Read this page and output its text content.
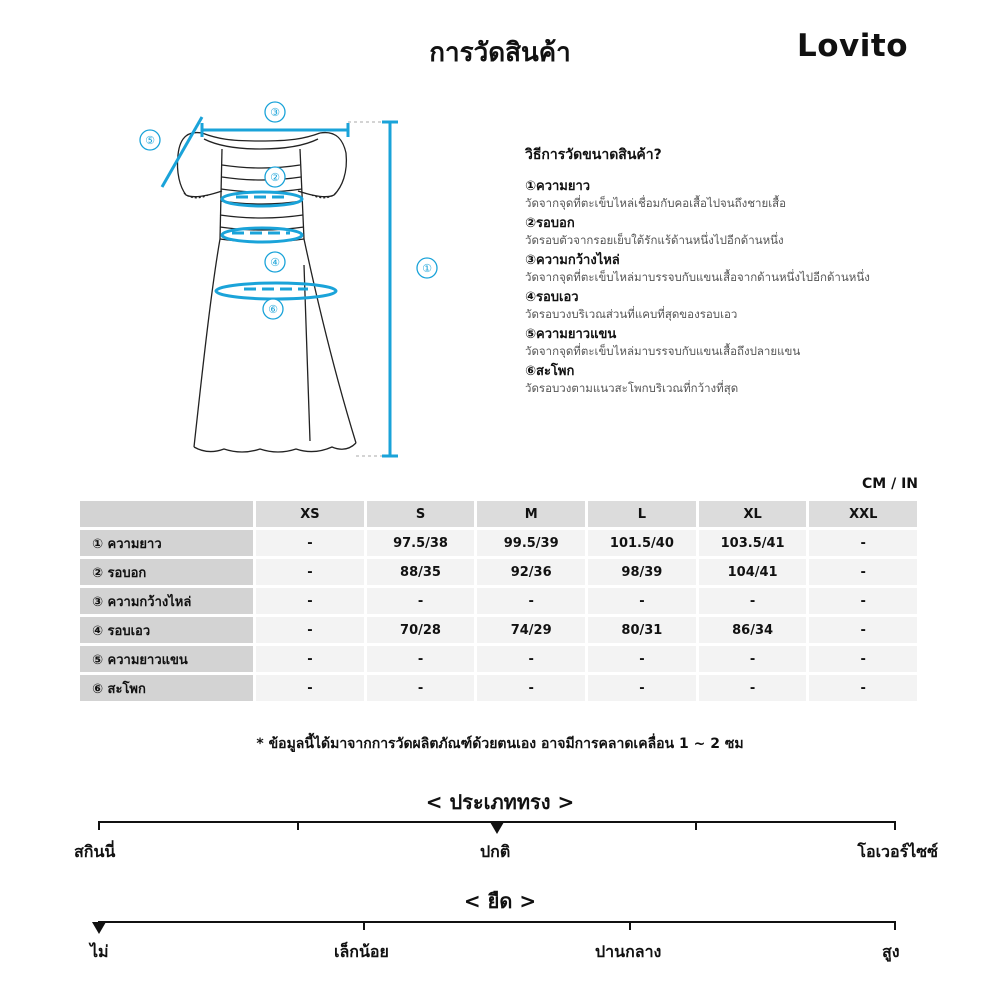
การวัดสินค้า	Lovito
③
⑤
②
④
⑥
①
วิธีการวัดขนาดสินค้า?
①ความยาว
วัดจากจุดที่ตะเข็บไหล่เชื่อมกับคอเสื้อไปจนถึงชายเสื้อ
②รอบอก
วัดรอบตัวจากรอยเย็บใต้รักแร้ด้านหนึ่งไปอีกด้านหนึ่ง
③ความกว้างไหล่
วัดจากจุดที่ตะเข็บไหล่มาบรรจบกับแขนเสื้อจากด้านหนึ่งไปอีกด้านหนึ่ง
④รอบเอว
วัดรอบวงบริเวณส่วนที่แคบที่สุดของรอบเอว
⑤ความยาวแขน
วัดจากจุดที่ตะเข็บไหล่มาบรรจบกับแขนเสื้อถึงปลายแขน
⑥สะโพก
วัดรอบวงตามแนวสะโพกบริเวณที่กว้างที่สุด
CM / IN
	XS	S	M	L	XL	XXL
① ความยาว	-	97.5/38	99.5/39	101.5/40	103.5/41	-
② รอบอก	-	88/35	92/36	98/39	104/41	-
③ ความกว้างไหล่	-	-	-	-	-	-
④ รอบเอว	-	70/28	74/29	80/31	86/34	-
⑤ ความยาวแขน	-	-	-	-	-	-
⑥ สะโพก	-	-	-	-	-	-
* ข้อมูลนี้ได้มาจากการวัดผลิตภัณฑ์ด้วยตนเอง อาจมีการคลาดเคลื่อน 1 ~ 2 ซม
< ประเภททรง >
สกินนี่	ปกติ	โอเวอร์ไซซ์
< ยืด >
ไม่	เล็กน้อย	ปานกลาง	สูง
